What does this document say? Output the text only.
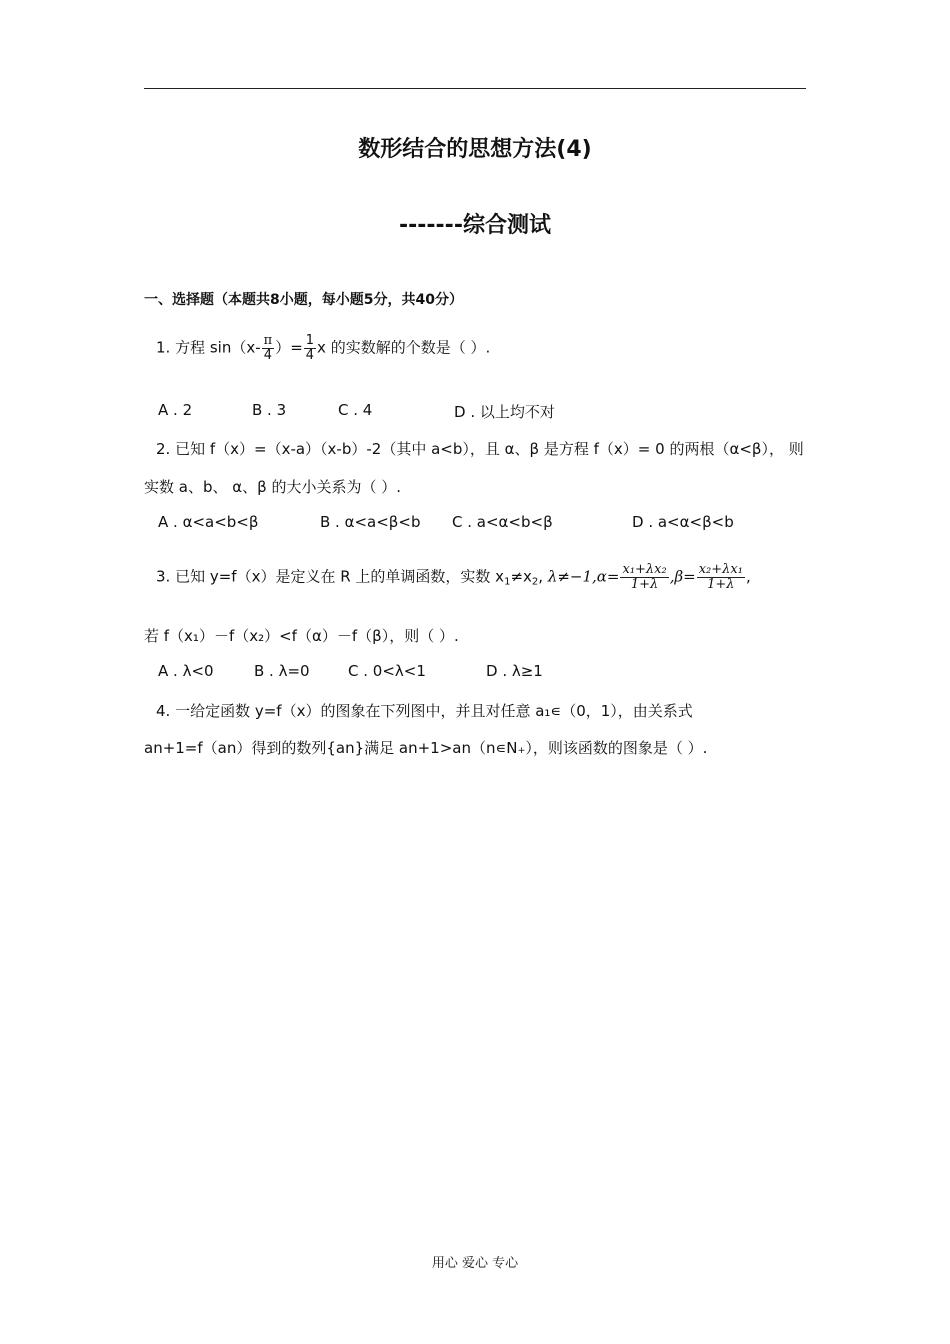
数形结合的思想方法(4)
-------综合测试
一、选择题（本题共8小题，每小题5分，共40分）
1. 方程 $\sin(x- \frac{\pi}{4}$ ）= $\frac{1}{4}$ x 的实数解的个数是（ ）.
A . 2	B . 3	C . 4	D . 以上均不对
2. 已知 f（x）=（x-a）（x-b）-2（其中 a<b），且 α、β 是方程 f（x）= 0 的两根（α<β）， 则
实数 a、b、 α、β 的大小关系为（ ）.
A . α<a<b<β	B . α<a<β<b C . a<α<b<β	D . a<α<β<b
3. 已知 y=f（x）是定义在 R 上的单调函数，实数 $x_1\ne x_2$, $\lambda\ne-1,\alpha= \frac{\text{x₁+λx₂}}{1+\lambda} ,\beta= \frac{\text{x₂+λx₁}}{1+\lambda}$ ,
若 f（x₁）－f（x₂）<f（α）－f（β），则（ ）.
A . λ<0	B . λ=0	C . 0<λ<1	D . λ≥1
4. 一给定函数 y=f（x）的图象在下列图中，并且对任意 a₁∊（0，1），由关系式
an+1=f（an）得到的数列{an}满足 an+1>an（n∊N₊），则该函数的图象是（ ）.
用心 爱心 专心
